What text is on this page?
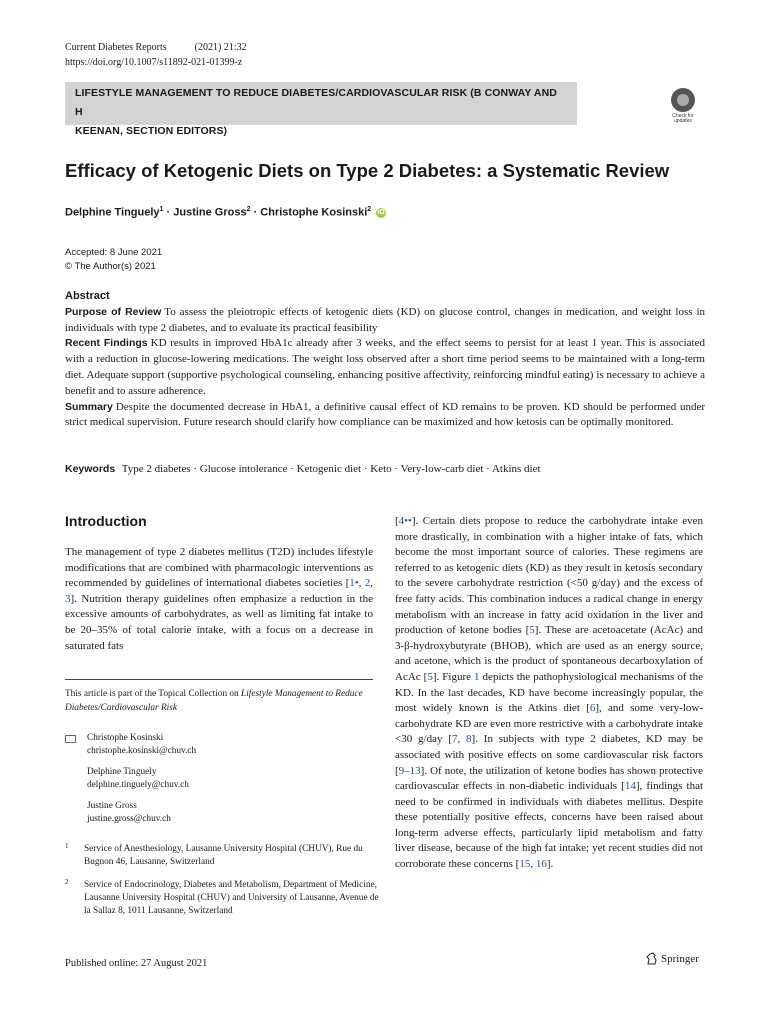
Current Diabetes Reports	(2021) 21:32
https://doi.org/10.1007/s11892-021-01399-z
LIFESTYLE MANAGEMENT TO REDUCE DIABETES/CARDIOVASCULAR RISK (B CONWAY AND H
KEENAN, SECTION EDITORS)
Check for updates
Efficacy of Ketogenic Diets on Type 2 Diabetes: a Systematic Review
Delphine Tinguely$^1$ · Justine Gross$^2$ · Christophe Kosinski$^2$ iD
Accepted: 8 June 2021
© The Author(s) 2021
Abstract

Purpose of Review To assess the pleiotropic effects of ketogenic diets (KD) on glucose control, changes in medication, and weight loss in individuals with type 2 diabetes, and to evaluate its practical feasibility

Recent Findings KD results in improved HbA1c already after 3 weeks, and the effect seems to persist for at least 1 year. This is associated with a reduction in glucose-lowering medications. The weight loss observed after a short time period seems to be maintained with a long-term diet. Adequate support (supportive psychological counseling, enhancing positive affectivity, reinforcing mindful eating) is necessary to achieve a benefit and to assure adherence.

Summary Despite the documented decrease in HbA1, a definitive causal effect of KD remains to be proven. KD should be performed under strict medical supervision. Future research should clarify how compliance can be maximized and how ketosis can be optimally monitored.

Keywords Type 2 diabetes · Glucose intolerance · Ketogenic diet · Keto · Very-low-carb diet · Atkins diet
Introduction

The management of type 2 diabetes mellitus (T2D) includes lifestyle modifications that are combined with pharmacologic interventions as recommended by guidelines of international diabetes societies [1•, 2, 3]. Nutrition therapy guidelines often emphasize a reduction in the excessive amounts of carbohydrates, as well as limiting fat intake to be 20–35% of total calorie intake, with a focus on a decrease in saturated fats

[4••]. Certain diets propose to reduce the carbohydrate intake even more drastically, in combination with a higher intake of fats, which become the most important source of calories. These regimens are referred to as ketogenic diets (KD) as they result in ketosis secondary to the severe carbohydrate restriction (<50 g/day) and the excess of free fatty acids. This combination induces a radical change in energy metabolism with an increase in fatty acid oxidation in the liver and production of ketone bodies [5]. These are acetoacetate (AcAc) and 3-β-hydroxybutyrate (BHOB), which are used as an energy source, and acetone, which is the product of spontaneous decarboxylation of AcAc [5]. Figure 1 depicts the pathophysiological mechanisms of the KD. In the last decades, KD have become increasingly popular, the most widely known is the Atkins diet [6], and some very-low-carbohydrate KD are even more restrictive with a carbohydrate intake <30 g/day [7, 8]. In subjects with type 2 diabetes, KD may be associated with positive effects on some cardiovascular risk factors [9–13]. Of note, the utilization of ketone bodies has shown protective cardiovascular effects in non-diabetic individuals [14], findings that need to be confirmed in individuals with diabetes mellitus. Despite these potentially positive effects, concerns have been raised about long-term adverse effects, particularly lipid metabolism and fatty liver disease, because of the high fat intake; yet recent studies did not corroborate these concerns [15, 16].

This article is part of the Topical Collection on Lifestyle Management to Reduce Diabetes/Cardiovascular Risk
Christophe Kosinski
christophe.kosinski@chuv.ch
Delphine Tinguely
delphine.tinguely@chuv.ch
Justine Gross
justine.gross@chuv.ch
1 Service of Anesthesiology, Lausanne University Hospital (CHUV), Rue du Bugnon 46, Lausanne, Switzerland
2 Service of Endocrinology, Diabetes and Metabolism, Department of Medicine, Lausanne University Hospital (CHUV) and University of Lausanne, Avenue de la Sallaz 8, 1011 Lausanne, Switzerland
Published online: 27 August 2021	Springer
